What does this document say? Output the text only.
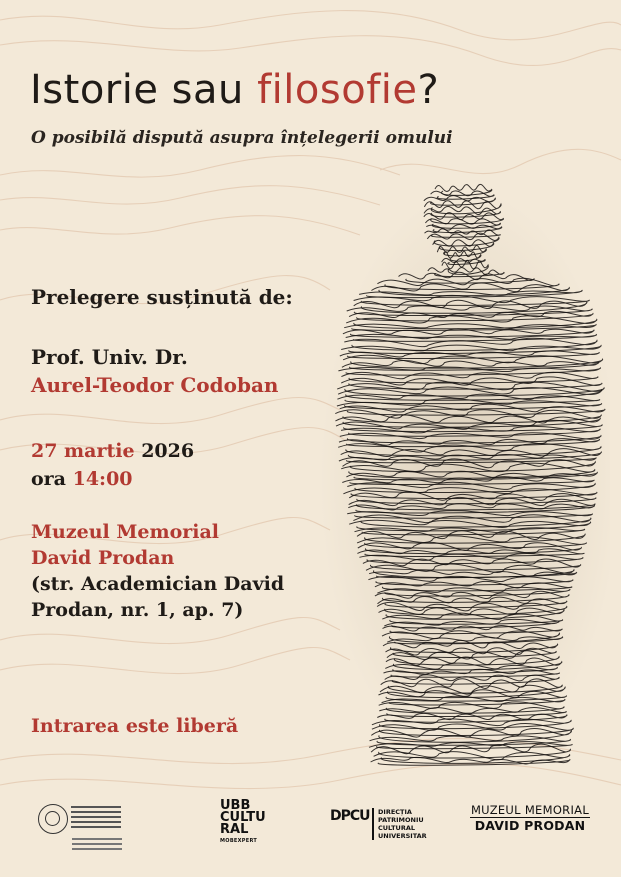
Istorie sau filosofie?
O posibilă dispută asupra înțelegerii omului
Prelegere susținută de:
Prof. Univ. Dr.
Aurel-Teodor Codoban
27 martie 2026
ora 14:00
Muzeul Memorial
David Prodan
(str. Academician David
Prodan, nr. 1, ap. 7)
Intrarea este liberă
UBB
CULTU
RAL
MOBEXPERT
DPCU DIRECȚIA
PATRIMONIU
CULTURAL
UNIVERSITAR
MUZEUL MEMORIAL
DAVID PRODAN
